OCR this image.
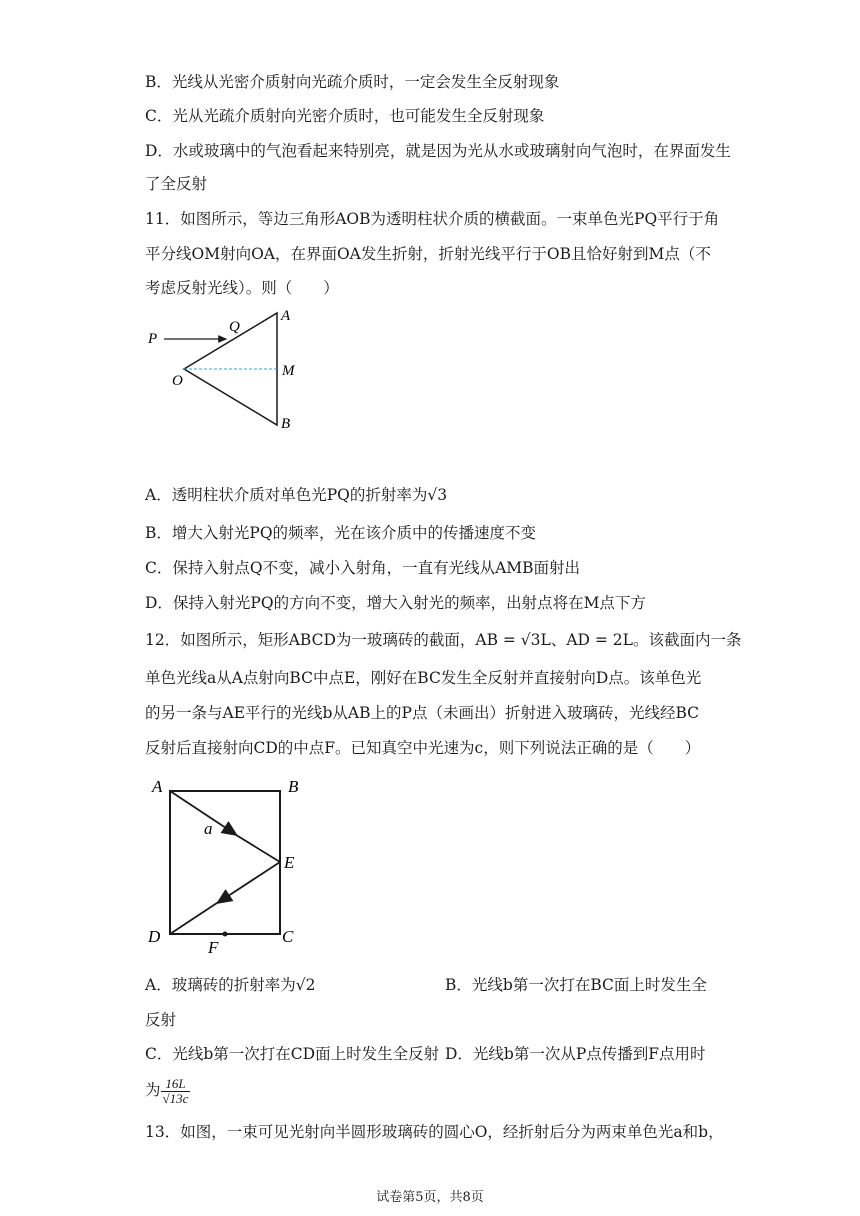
B．光线从光密介质射向光疏介质时，一定会发生全反射现象
C．光从光疏介质射向光密介质时，也可能发生全反射现象
D．水或玻璃中的气泡看起来特别亮，就是因为光从水或玻璃射向气泡时，在界面发生
了全反射
11．如图所示，等边三角形AOB为透明柱状介质的横截面。一束单色光PQ平行于角
平分线OM射向OA，在界面OA发生折射，折射光线平行于OB且恰好射到M点（不
考虑反射光线）。则（　　）
P
Q
A
O
M
B
A．透明柱状介质对单色光PQ的折射率为√3
B．增大入射光PQ的频率，光在该介质中的传播速度不变
C．保持入射点Q不变，减小入射角，一直有光线从AMB面射出
D．保持入射光PQ的方向不变，增大入射光的频率，出射点将在M点下方
12．如图所示，矩形ABCD为一玻璃砖的截面，AB = √3L、AD = 2L。该截面内一条
单色光线a从A点射向BC中点E，刚好在BC发生全反射并直接射向D点。该单色光
的另一条与AE平行的光线b从AB上的P点（未画出）折射进入玻璃砖，光线经BC
反射后直接射向CD的中点F。已知真空中光速为c，则下列说法正确的是（　　）
A	B
a
E
D
F
C
A．玻璃砖的折射率为√2	B．光线b第一次打在BC面上时发生全
反射
C．光线b第一次打在CD面上时发生全反射 D．光线b第一次从P点传播到F点用时
为 $\frac{16L}{√13c}$
13．如图，一束可见光射向半圆形玻璃砖的圆心O，经折射后分为两束单色光a和b，
试卷第5页，共8页
